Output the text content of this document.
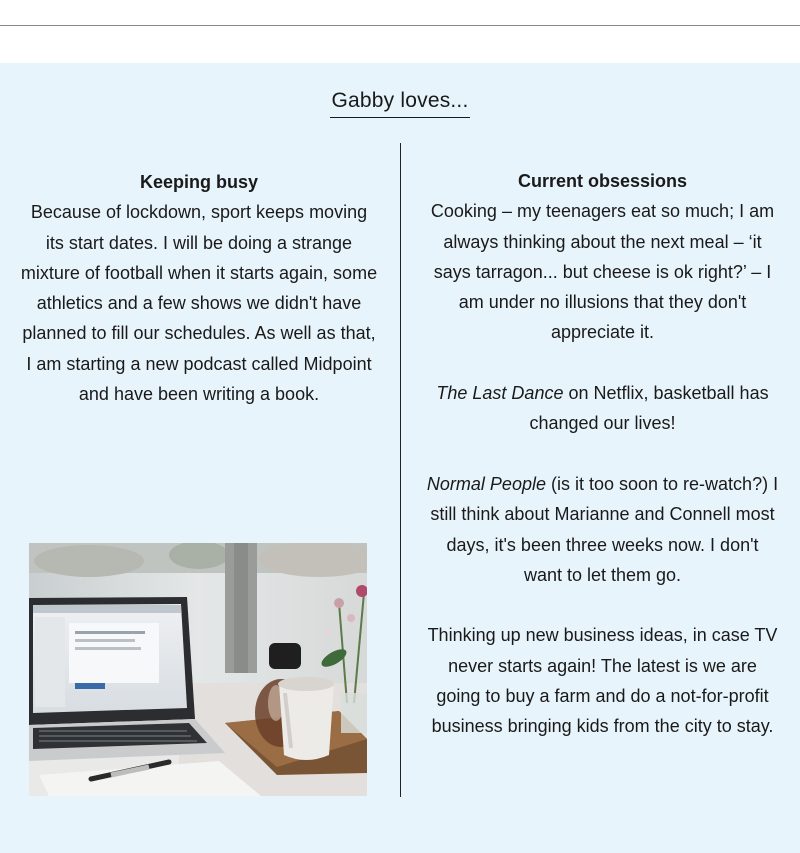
Gabby loves...
Keeping busy
Because of lockdown, sport keeps moving its start dates. I will be doing a strange mixture of football when it starts again, some athletics and a few shows we didn't have planned to fill our schedules. As well as that, I am starting a new podcast called Midpoint and have been writing a book.
Current obsessions
Cooking – my teenagers eat so much; I am always thinking about the next meal – ‘it says tarragon... but cheese is ok right?’ – I am under no illusions that they don't appreciate it.
The Last Dance on Netflix, basketball has changed our lives!
Normal People (is it too soon to re-watch?) I still think about Marianne and Connell most days, it's been three weeks now. I don't want to let them go.
Thinking up new business ideas, in case TV never starts again! The latest is we are going to buy a farm and do a not-for-profit business bringing kids from the city to stay.
